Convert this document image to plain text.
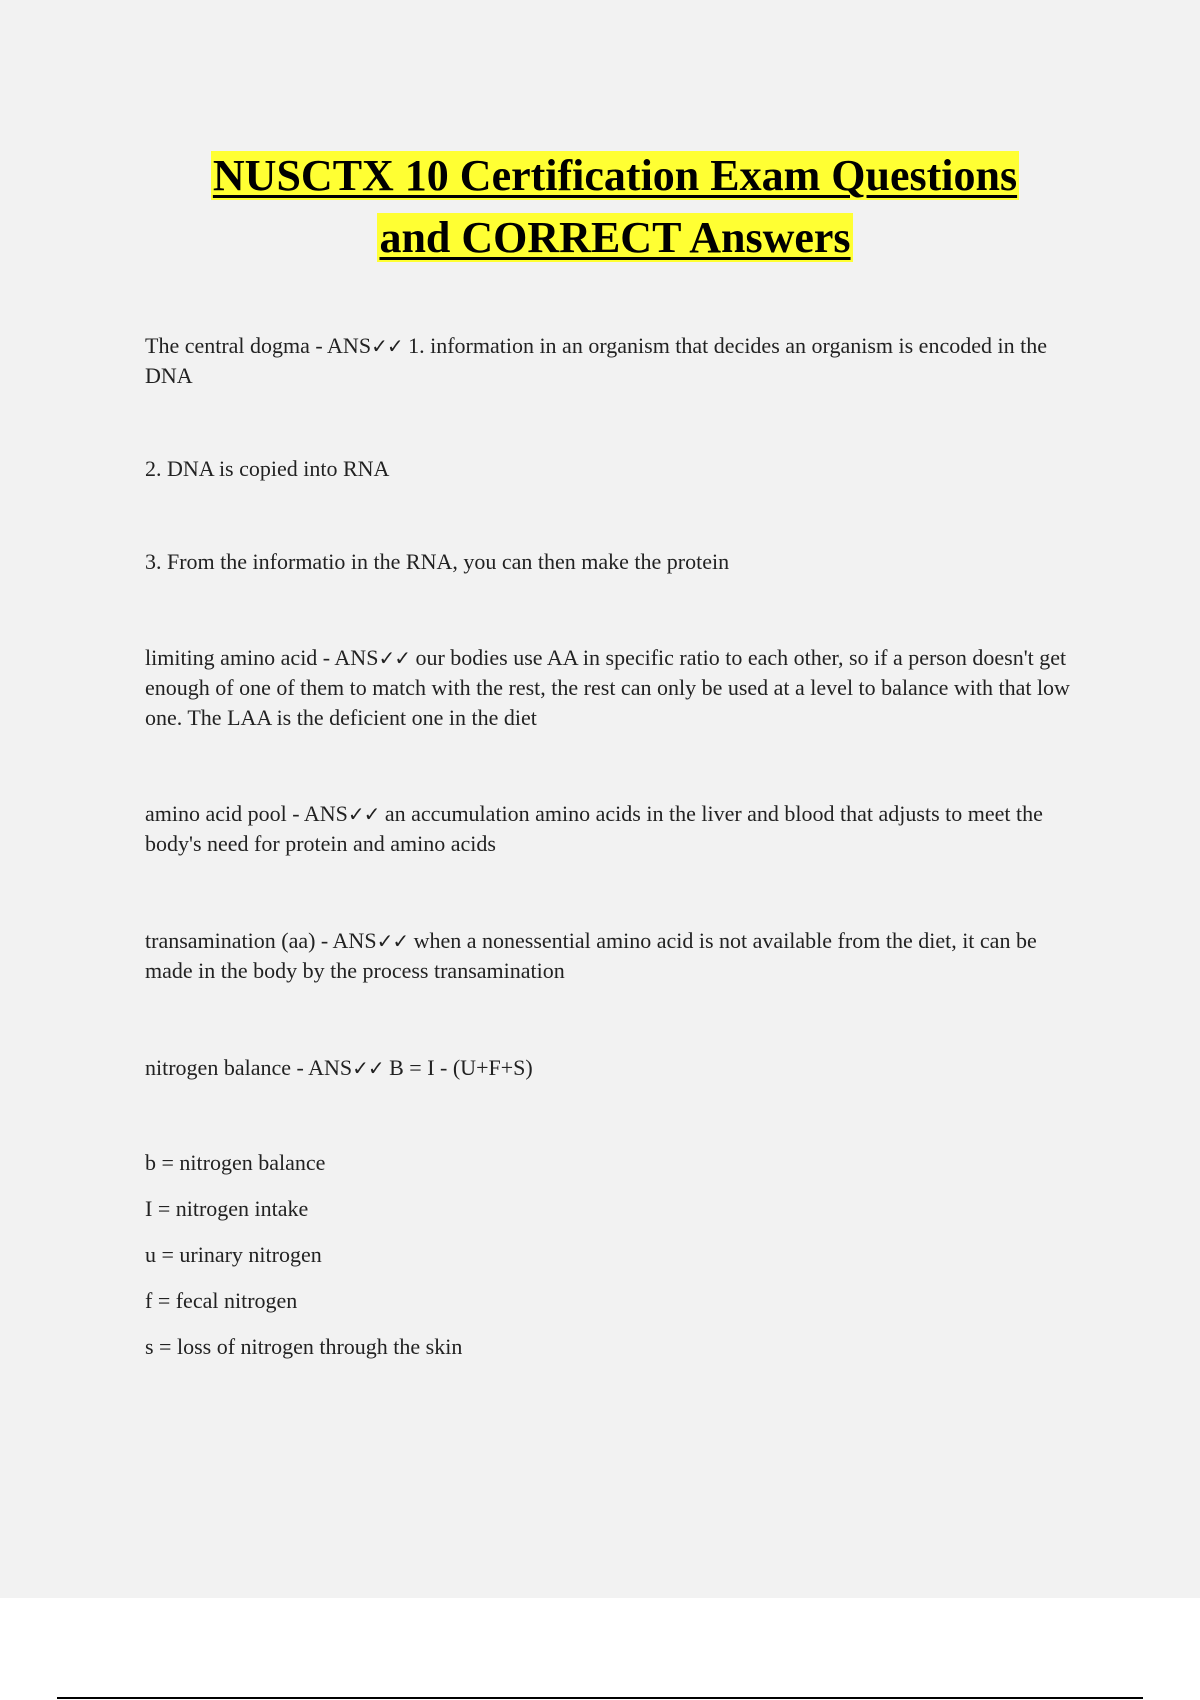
NUSCTX 10 Certification Exam Questions
and CORRECT Answers

The central dogma - ANS✓✓ 1. information in an organism that decides an organism is encoded in the DNA

2. DNA is copied into RNA

3. From the informatio in the RNA, you can then make the protein

limiting amino acid - ANS✓✓ our bodies use AA in specific ratio to each other, so if a person doesn't get enough of one of them to match with the rest, the rest can only be used at a level to balance with that low one. The LAA is the deficient one in the diet

amino acid pool - ANS✓✓ an accumulation amino acids in the liver and blood that adjusts to meet the body's need for protein and amino acids

transamination (aa) - ANS✓✓ when a nonessential amino acid is not available from the diet, it can be made in the body by the process transamination

nitrogen balance - ANS✓✓ B = I - (U+F+S)

b = nitrogen balance
I = nitrogen intake
u = urinary nitrogen
f = fecal nitrogen
s = loss of nitrogen through the skin
